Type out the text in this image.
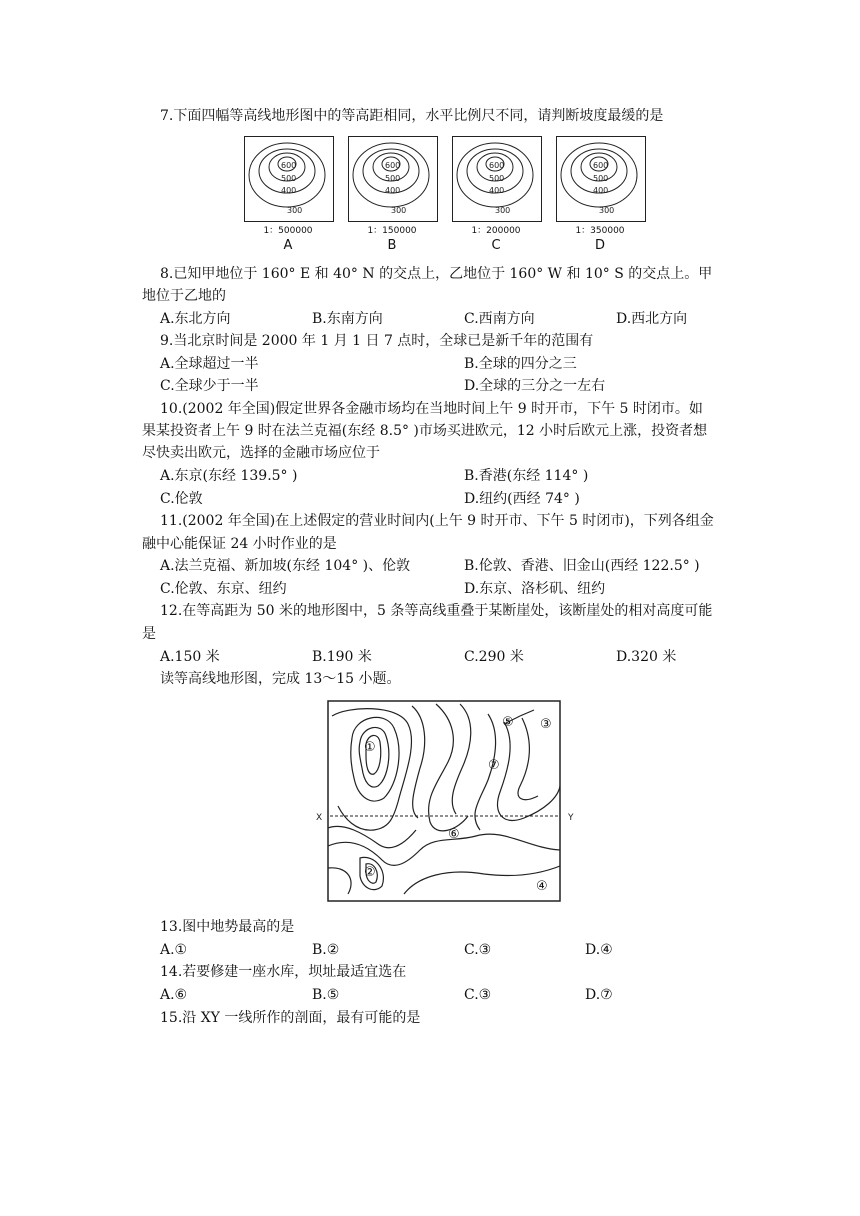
7.下面四幅等高线地形图中的等高距相同，水平比例尺不同，请判断坡度最缓的是
600
500
400
300
1：500000
A
600
500
400
300
1：150000
B
600
500
400
300
1：200000
C
600
500
400
300
1：350000
D
8.已知甲地位于 160° E 和 40° N 的交点上，乙地位于 160° W 和 10° S 的交点上。甲
地位于乙地的
A.东北方向	B.东南方向	C.西南方向	D.西北方向
9.当北京时间是 2000 年 1 月 1 日 7 点时，全球已是新千年的范围有
A.全球超过一半	B.全球的四分之三
C.全球少于一半	D.全球的三分之一左右
10.(2002 年全国)假定世界各金融市场均在当地时间上午 9 时开市，下午 5 时闭市。如
果某投资者上午 9 时在法兰克福(东经 8.5° )市场买进欧元，12 小时后欧元上涨，投资者想
尽快卖出欧元，选择的金融市场应位于
A.东京(东经 139.5° )	B.香港(东经 114° )
C.伦敦	D.纽约(西经 74° )
11.(2002 年全国)在上述假定的营业时间内(上午 9 时开市、下午 5 时闭市)，下列各组金
融中心能保证 24 小时作业的是
A.法兰克福、新加坡(东经 104° )、伦敦	B.伦敦、香港、旧金山(西经 122.5° )
C.伦敦、东京、纽约	D.东京、洛杉矶、纽约
12.在等高距为 50 米的地形图中，5 条等高线重叠于某断崖处，该断崖处的相对高度可能
是
A.150 米	B.190 米	C.290 米	D.320 米
读等高线地形图，完成 13～15 小题。
X	Y
①
②
③
④
⑤
⑥
⑦
13.图中地势最高的是
A.①	B.②	C.③	D.④
14.若要修建一座水库，坝址最适宜选在
A.⑥	B.⑤	C.③	D.⑦
15.沿 XY 一线所作的剖面，最有可能的是
